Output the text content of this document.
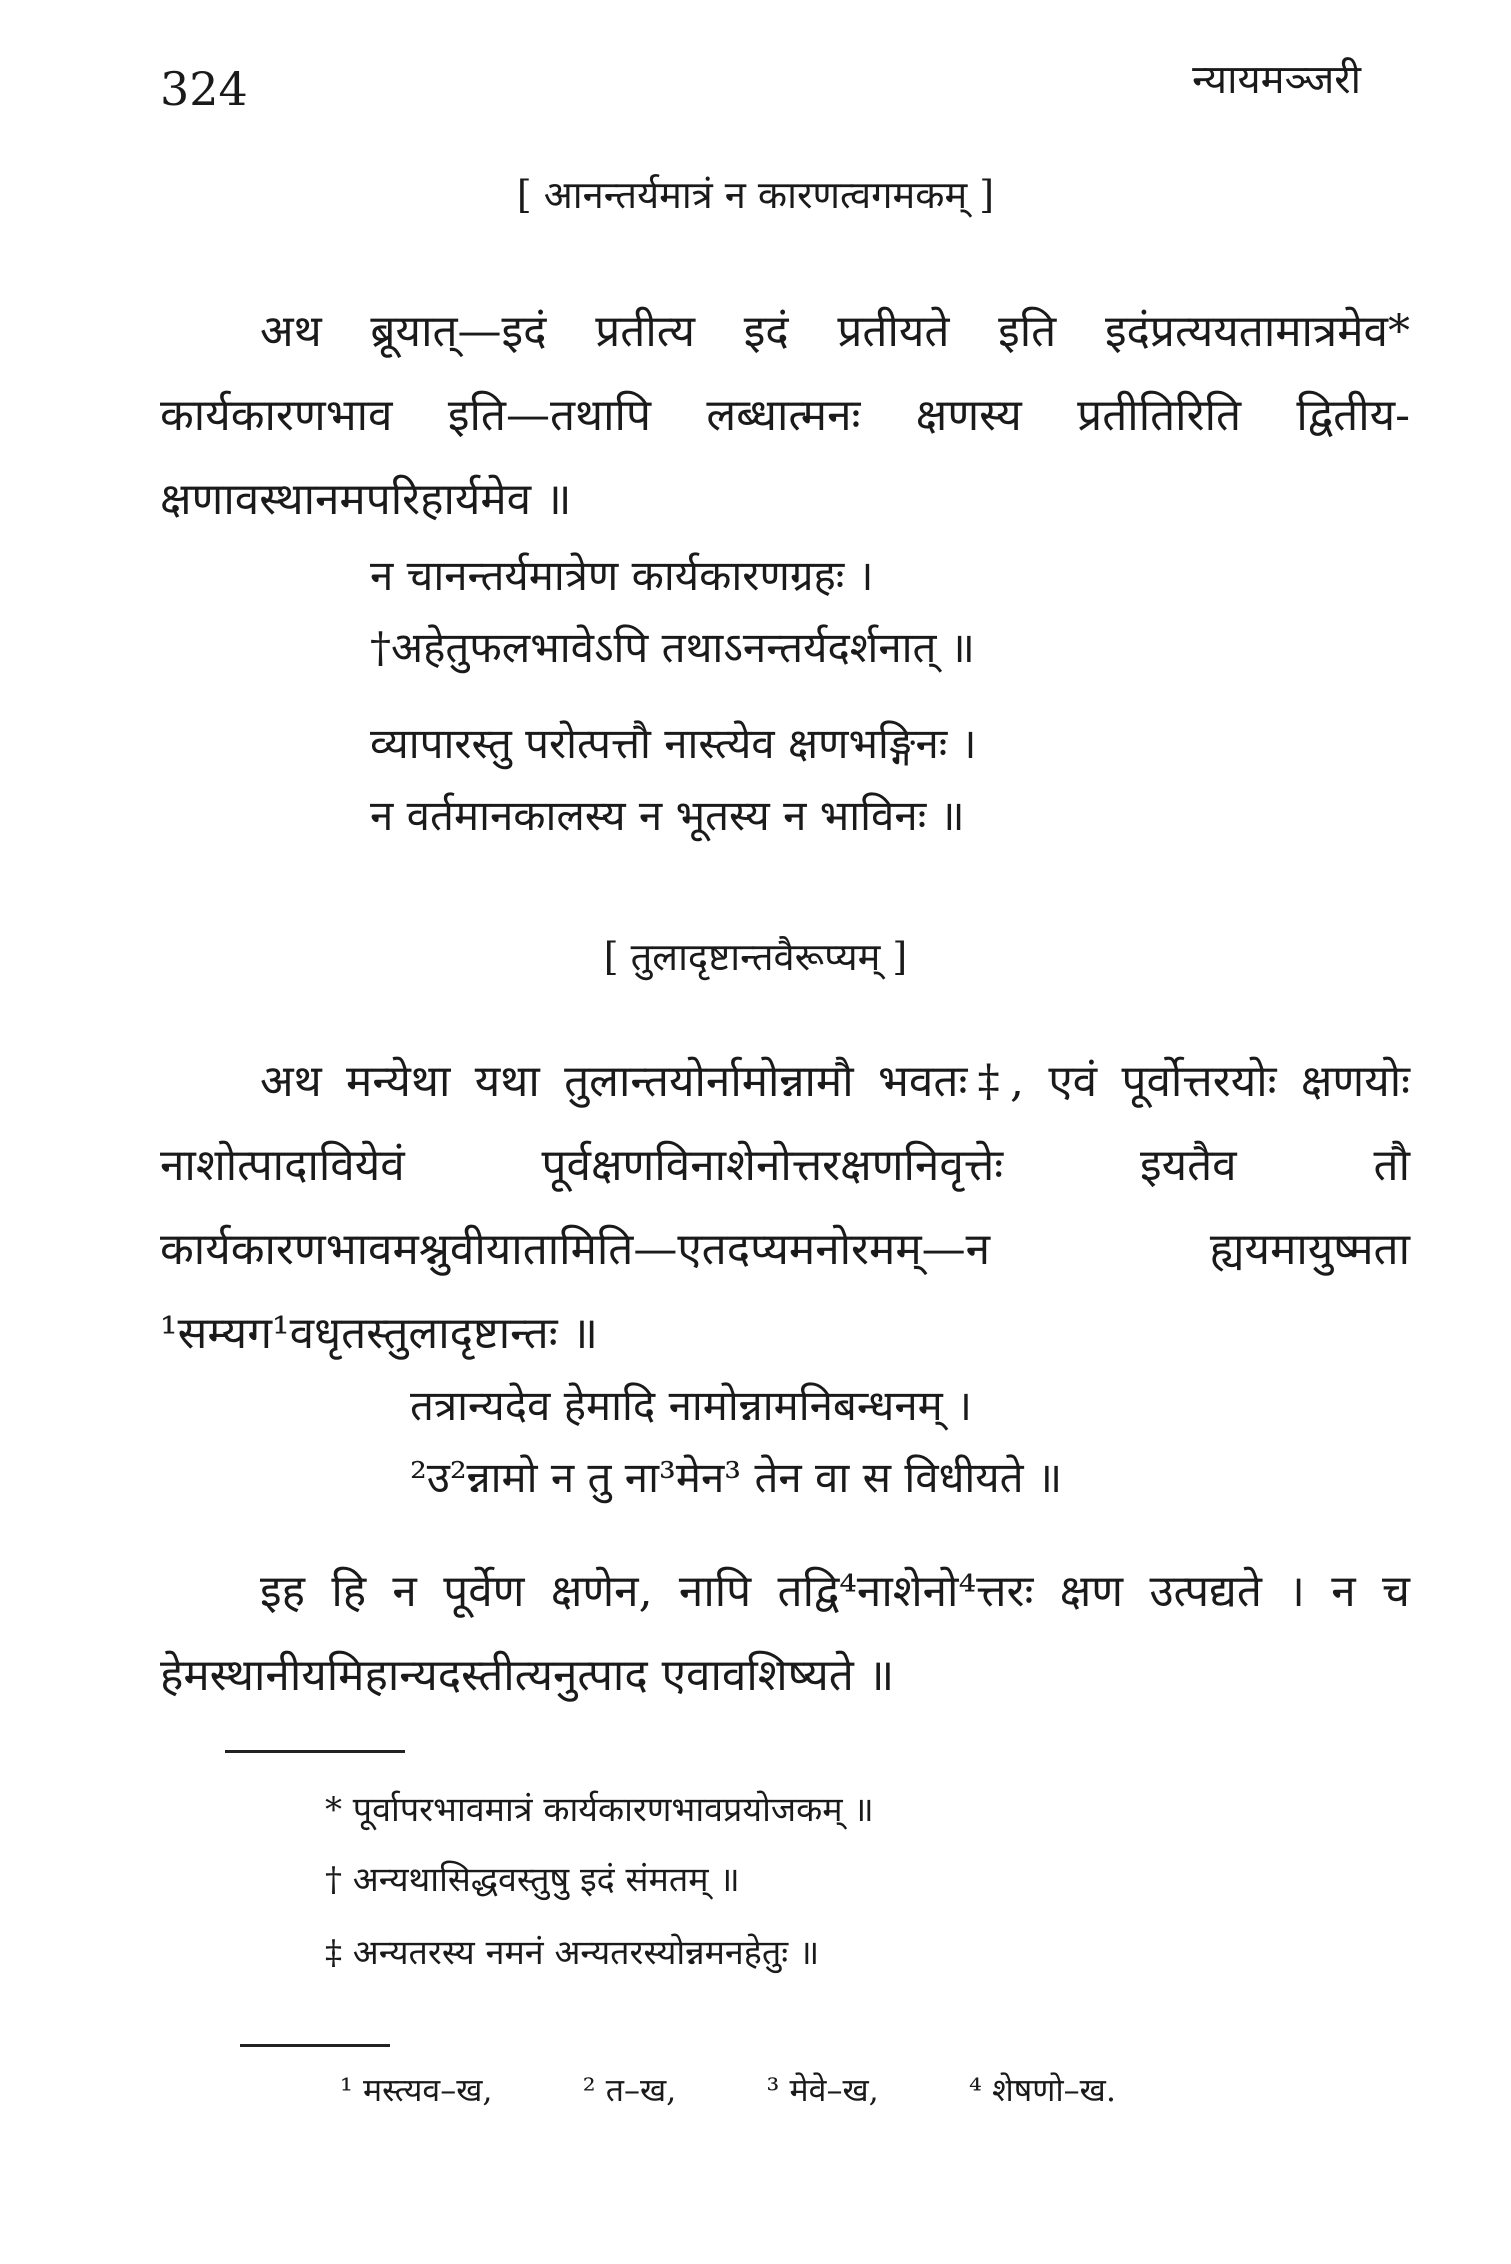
324	न्यायमञ्जरी
[ आनन्तर्यमात्रं न कारणत्वगमकम् ]
अथ ब्रूयात्—इदं प्रतीत्य इदं प्रतीयते इति इदंप्रत्ययतामात्रमेव* कार्यकारणभाव इति—तथापि लब्धात्मनः क्षणस्य प्रतीतिरिति द्वितीय-क्षणावस्थानमपरिहार्यमेव ॥
न चानन्तर्यमात्रेण कार्यकारणग्रहः ।
†अहेतुफलभावेऽपि तथाऽनन्तर्यदर्शनात् ॥
व्यापारस्तु परोत्पत्तौ नास्त्येव क्षणभङ्गिनः ।
न वर्तमानकालस्य न भूतस्य न भाविनः ॥
[ तुलादृष्टान्तवैरूप्यम् ]
अथ मन्येथा यथा तुलान्तयोर्नामोन्नामौ भवतः‡, एवं पूर्वोत्तरयोः क्षणयोः नाशोत्पादावियेवं पूर्वक्षणविनाशेनोत्तरक्षणनिवृत्तेः इयतैव तौ कार्यकारणभावमश्नुवीयातामिति—एतदप्यमनोरमम्—न ह्ययमायुष्मता ¹सम्यग¹वधृतस्तुलादृष्टान्तः ॥
तत्रान्यदेव हेमादि नामोन्नामनिबन्धनम् ।
²उ²न्नामो न तु ना³मेन³ तेन वा स विधीयते ॥
इह हि न पूर्वेण क्षणेन, नापि तद्वि⁴नाशेनो⁴त्तरः क्षण उत्पद्यते । न च हेमस्थानीयमिहान्यदस्तीत्यनुत्पाद एवावशिष्यते ॥
* पूर्वापरभावमात्रं कार्यकारणभावप्रयोजकम् ॥
† अन्यथासिद्धवस्तुषु इदं संमतम् ॥
‡ अन्यतरस्य नमनं अन्यतरस्योन्नमनहेतुः ॥
¹ मस्त्यव–ख,	² त–ख,	³ मेवे–ख,	⁴ शेषणो–ख.
